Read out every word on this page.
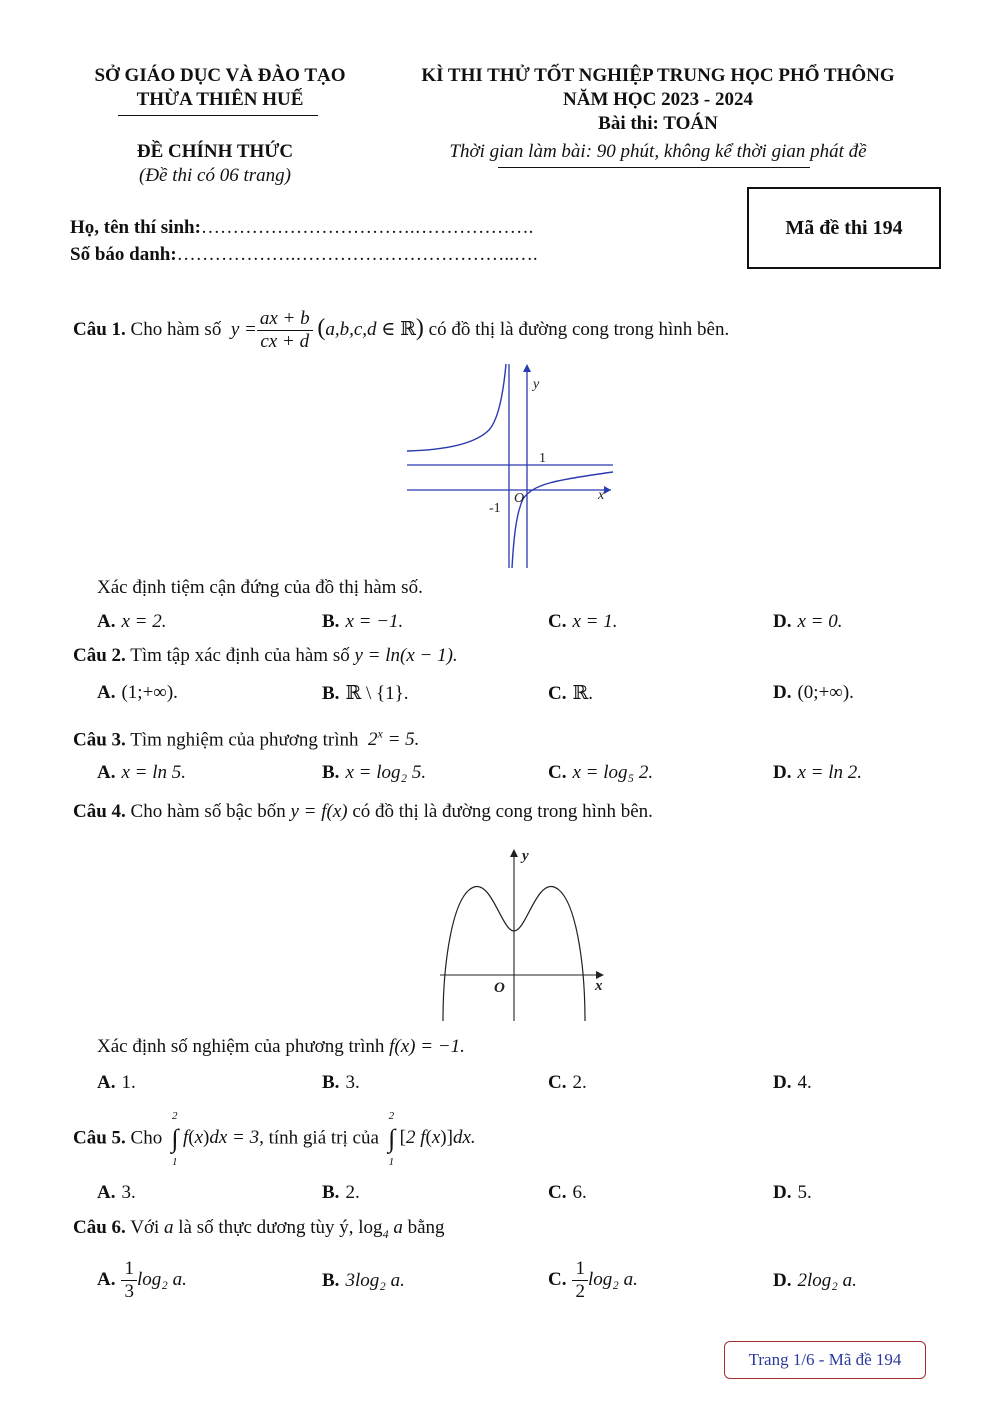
SỞ GIÁO DỤC VÀ ĐÀO TẠO
THỪA THIÊN HUẾ
ĐỀ CHÍNH THỨC
(Đề thi có 06 trang)
KÌ THI THỬ TỐT NGHIỆP TRUNG HỌC PHỔ THÔNG
NĂM HỌC 2023 - 2024
Bài thi: TOÁN
Thời gian làm bài: 90 phút, không kể thời gian phát đề
Họ, tên thí sinh:…………………………….……………….
Số báo danh:……………….……………………………..….
Mã đề thi 194
Câu 1. Cho hàm số  $y = \frac{ax + b}{cx + d} (a,b,c,d$ ∈ ℝ) có đồ thị là đường cong trong hình bên.
y
1
O	x
-1
Xác định tiệm cận đứng của đồ thị hàm số.
A. x = 2.	B. x = −1.	C. x = 1.	D. x = 0.
Câu 2. Tìm tập xác định của hàm số y = ln(x − 1).
A. (1;+∞).	B. ℝ \ {1}.	C. ℝ.	D. (0;+∞).
Câu 3. Tìm nghiệm của phương trình  $2^x = 5$.
A. x = ln 5.	B. x = log₂ 5.	C. x = log₅ 2.	D. x = ln 2.
Câu 4. Cho hàm số bậc bốn y = f(x) có đồ thị là đường cong trong hình bên.
y
O	x
Xác định số nghiệm của phương trình f(x) = −1.
A. 1.	B. 3.	C. 2.	D. 4.
Câu 5. Cho ∫
2
1
f(x)dx = 3, tính giá trị của ∫
2
1
[2 f(x)]dx.
A. 3.	B. 2.	C. 6.	D. 5.
Câu 6. Với a là số thực dương tùy ý, $\log_4 a$ bằng
A. $\frac{1}{3} \log_2$ a.	B. 3log₂ a.	C. $\frac{1}{2} \log_2$ a.	D. 2log₂ a.
Trang 1/6 - Mã đề 194
